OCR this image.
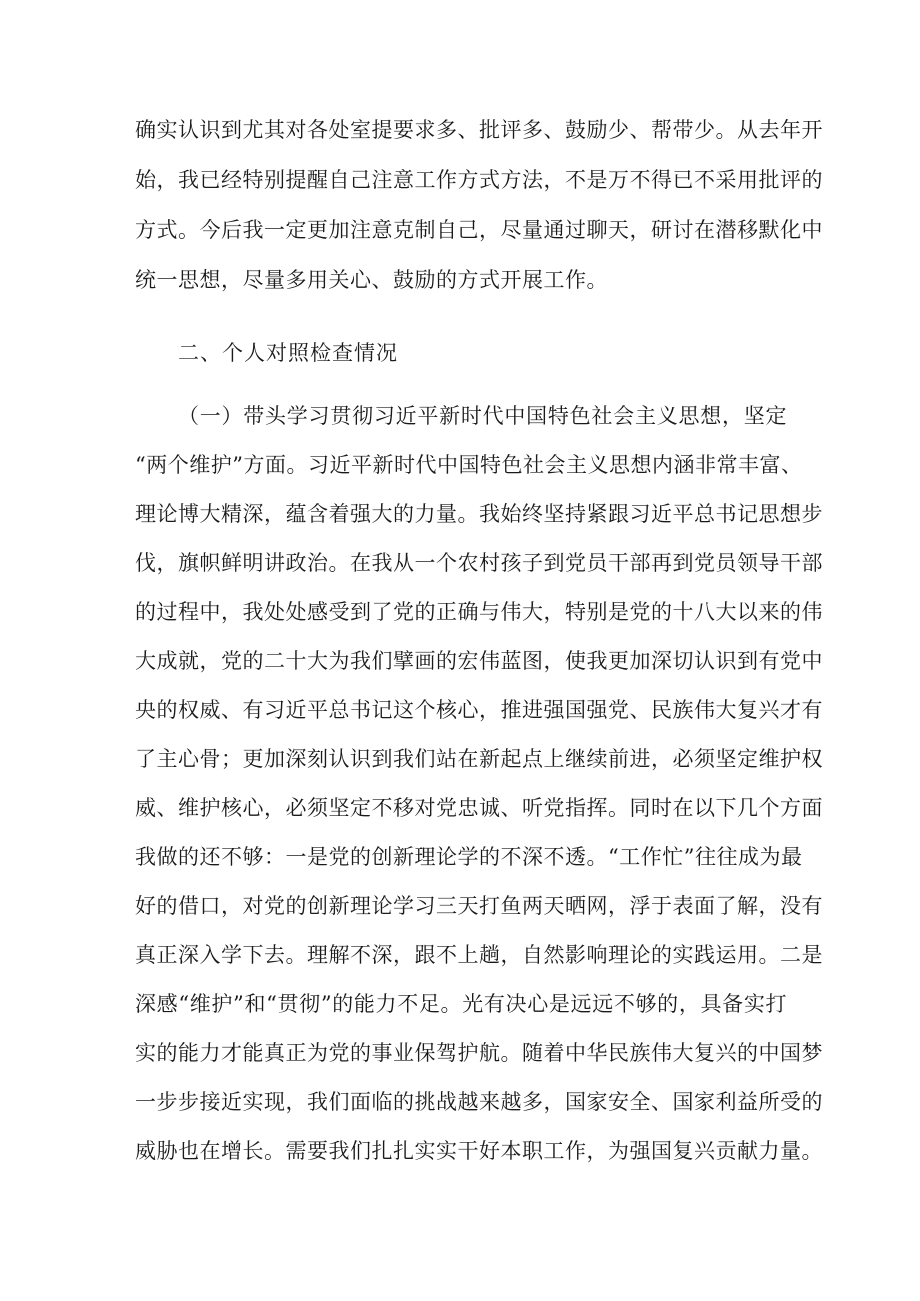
确实认识到尤其对各处室提要求多、批评多、鼓励少、帮带少。从去年开
始，我已经特别提醒自己注意工作方式方法，不是万不得已不采用批评的
方式。今后我一定更加注意克制自己，尽量通过聊天，研讨在潜移默化中
统一思想，尽量多用关心、鼓励的方式开展工作。
二、个人对照检查情况
（一）带头学习贯彻习近平新时代中国特色社会主义思想，坚定
“两个维护”方面。习近平新时代中国特色社会主义思想内涵非常丰富、
理论博大精深，蕴含着强大的力量。我始终坚持紧跟习近平总书记思想步
伐，旗帜鲜明讲政治。在我从一个农村孩子到党员干部再到党员领导干部
的过程中，我处处感受到了党的正确与伟大，特别是党的十八大以来的伟
大成就，党的二十大为我们擘画的宏伟蓝图，使我更加深切认识到有党中
央的权威、有习近平总书记这个核心，推进强国强党、民族伟大复兴才有
了主心骨；更加深刻认识到我们站在新起点上继续前进，必须坚定维护权
威、维护核心，必须坚定不移对党忠诚、听党指挥。同时在以下几个方面
我做的还不够：一是党的创新理论学的不深不透。“工作忙”往往成为最
好的借口，对党的创新理论学习三天打鱼两天晒网，浮于表面了解，没有
真正深入学下去。理解不深，跟不上趟，自然影响理论的实践运用。二是
深感“维护”和“贯彻”的能力不足。光有决心是远远不够的，具备实打
实的能力才能真正为党的事业保驾护航。随着中华民族伟大复兴的中国梦
一步步接近实现，我们面临的挑战越来越多，国家安全、国家利益所受的
威胁也在增长。需要我们扎扎实实干好本职工作，为强国复兴贡献力量。
